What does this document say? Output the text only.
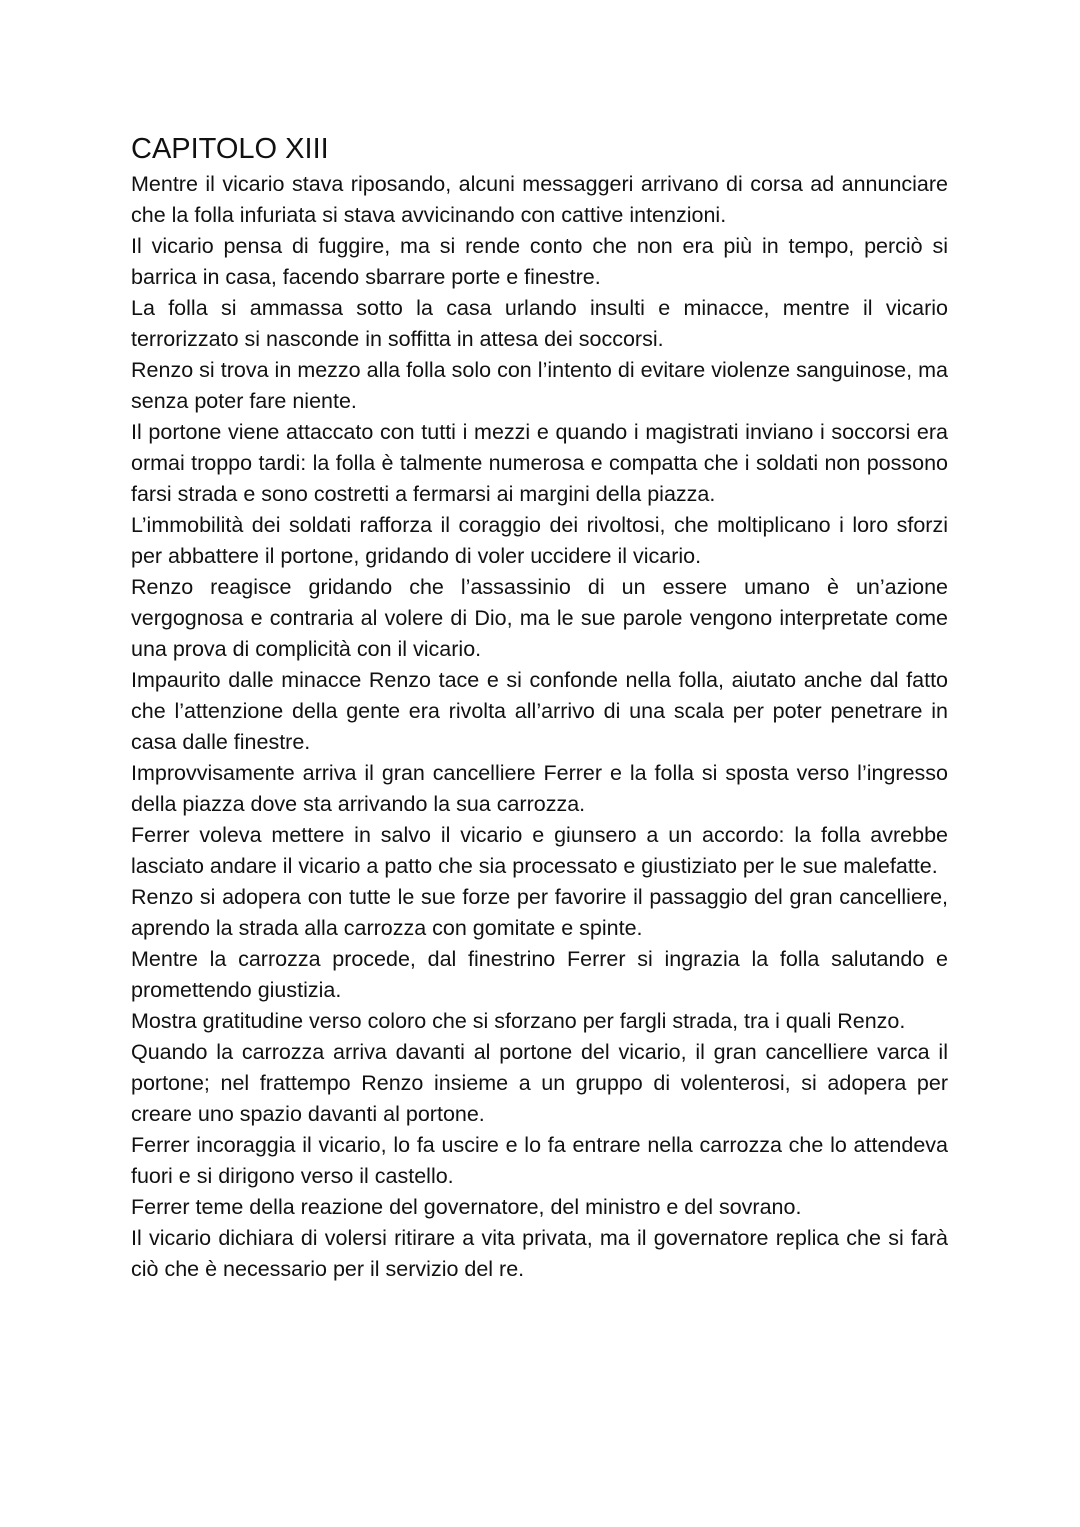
CAPITOLO XIII

Mentre il vicario stava riposando, alcuni messaggeri arrivano di corsa ad annunciare che la folla infuriata si stava avvicinando con cattive intenzioni.

Il vicario pensa di fuggire, ma si rende conto che non era più in tempo, perciò si barrica in casa, facendo sbarrare porte e finestre.

La folla si ammassa sotto la casa urlando insulti e minacce, mentre il vicario terrorizzato si nasconde in soffitta in attesa dei soccorsi.

Renzo si trova in mezzo alla folla solo con l’intento di evitare violenze sanguinose, ma senza poter fare niente.

Il portone viene attaccato con tutti i mezzi e quando i magistrati inviano i soccorsi era ormai troppo tardi: la folla è talmente numerosa e compatta che i soldati non possono farsi strada e sono costretti a fermarsi ai margini della piazza.

L’immobilità dei soldati rafforza il coraggio dei rivoltosi, che moltiplicano i loro sforzi per abbattere il portone, gridando di voler uccidere il vicario.

Renzo reagisce gridando che l’assassinio di un essere umano è un’azione vergognosa e contraria al volere di Dio, ma le sue parole vengono interpretate come una prova di complicità con il vicario.

Impaurito dalle minacce Renzo tace e si confonde nella folla, aiutato anche dal fatto che l’attenzione della gente era rivolta all’arrivo di una scala per poter penetrare in casa dalle finestre.

Improvvisamente arriva il gran cancelliere Ferrer e la folla si sposta verso l’ingresso della piazza dove sta arrivando la sua carrozza.

Ferrer voleva mettere in salvo il vicario e giunsero a un accordo: la folla avrebbe lasciato andare il vicario a patto che sia processato e giustiziato per le sue malefatte.

Renzo si adopera con tutte le sue forze per favorire il passaggio del gran cancelliere, aprendo la strada alla carrozza con gomitate e spinte.

Mentre la carrozza procede, dal finestrino Ferrer si ingrazia la folla salutando e promettendo giustizia.

Mostra gratitudine verso coloro che si sforzano per fargli strada, tra i quali Renzo.

Quando la carrozza arriva davanti al portone del vicario, il gran cancelliere varca il portone; nel frattempo Renzo insieme a un gruppo di volenterosi, si adopera per creare uno spazio davanti al portone.

Ferrer incoraggia il vicario, lo fa uscire e lo fa entrare nella carrozza che lo attendeva fuori e si dirigono verso il castello.

Ferrer teme della reazione del governatore, del ministro e del sovrano.

Il vicario dichiara di volersi ritirare a vita privata, ma il governatore replica che si farà ciò che è necessario per il servizio del re.
